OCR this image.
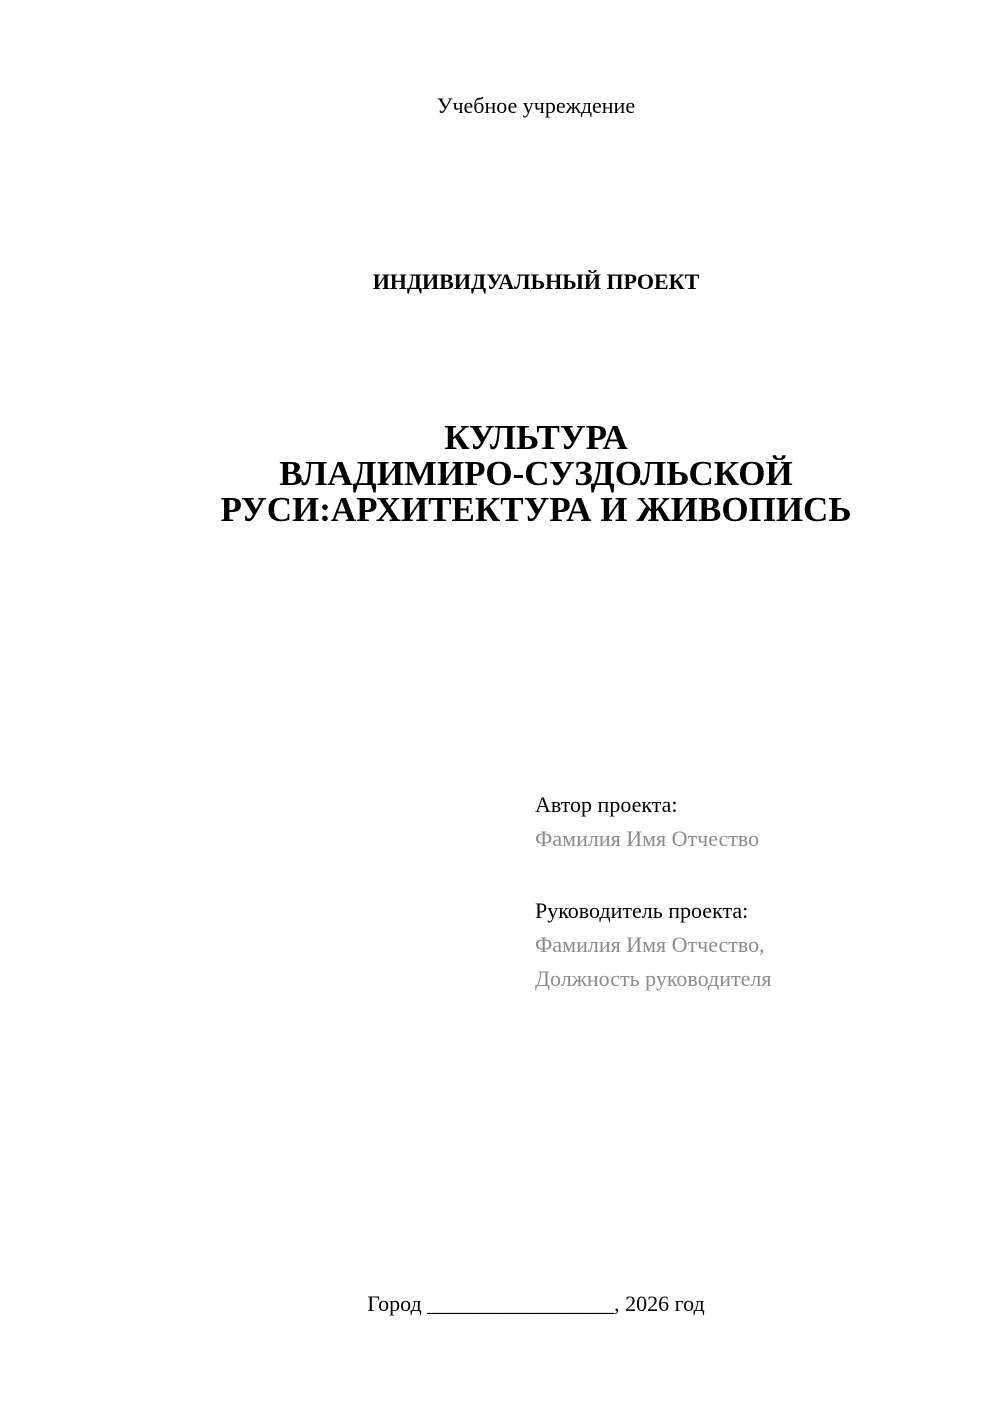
Учебное учреждение
ИНДИВИДУАЛЬНЫЙ ПРОЕКТ
КУЛЬТУРА
ВЛАДИМИРО-СУЗДОЛЬСКОЙ
РУСИ:АРХИТЕКТУРА И ЖИВОПИСЬ
Автор проекта:
Фамилия Имя Отчество
Руководитель проекта:
Фамилия Имя Отчество,
Должность руководителя
Город _________________, 2026 год
